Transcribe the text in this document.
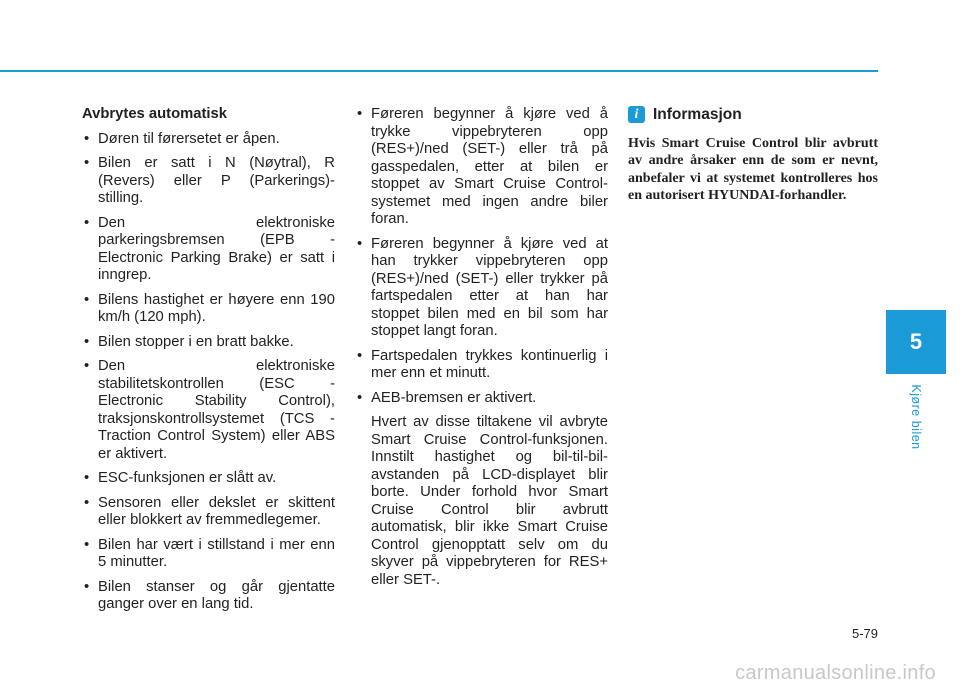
Avbrytes automatisk
• Døren til førersetet er åpen.
• Bilen er satt i N (Nøytral), R (Revers) eller P (Parkerings)-stilling.
• Den elektroniske parkeringsbremsen (EPB - Electronic Parking Brake) er satt i inngrep.
• Bilens hastighet er høyere enn 190 km/h (120 mph).
• Bilen stopper i en bratt bakke.
• Den elektroniske stabilitetskontrollen (ESC - Electronic Stability Control), traksjonskontrollsystemet (TCS - Traction Control System) eller ABS er aktivert.
• ESC-funksjonen er slått av.
• Sensoren eller dekslet er skittent eller blokkert av fremmedlegemer.
• Bilen har vært i stillstand i mer enn 5 minutter.
• Bilen stanser og går gjentatte ganger over en lang tid.
• Føreren begynner å kjøre ved å trykke vippebryteren opp (RES+)/ned (SET-) eller trå på gasspedalen, etter at bilen er stoppet av Smart Cruise Control-systemet med ingen andre biler foran.
• Føreren begynner å kjøre ved at han trykker vippebryteren opp (RES+)/ned (SET-) eller trykker på fartspedalen etter at han har stoppet bilen med en bil som har stoppet langt foran.
• Fartspedalen trykkes kontinuerlig i mer enn et minutt.
• AEB-bremsen er aktivert.

Hvert av disse tiltakene vil avbryte Smart Cruise Control-funksjonen. Innstilt hastighet og bil-til-bil-avstanden på LCD-displayet blir borte. Under forhold hvor Smart Cruise Control blir avbrutt automatisk, blir ikke Smart Cruise Control gjenopptatt selv om du skyver på vippebryteren for RES+ eller SET-.

i Informasjon

Hvis Smart Cruise Control blir avbrutt av andre årsaker enn de som er nevnt, anbefaler vi at systemet kontrolleres hos en autorisert HYUNDAI-forhandler.

5
Kjøre bilen
5-79
carmanualsonline.info
